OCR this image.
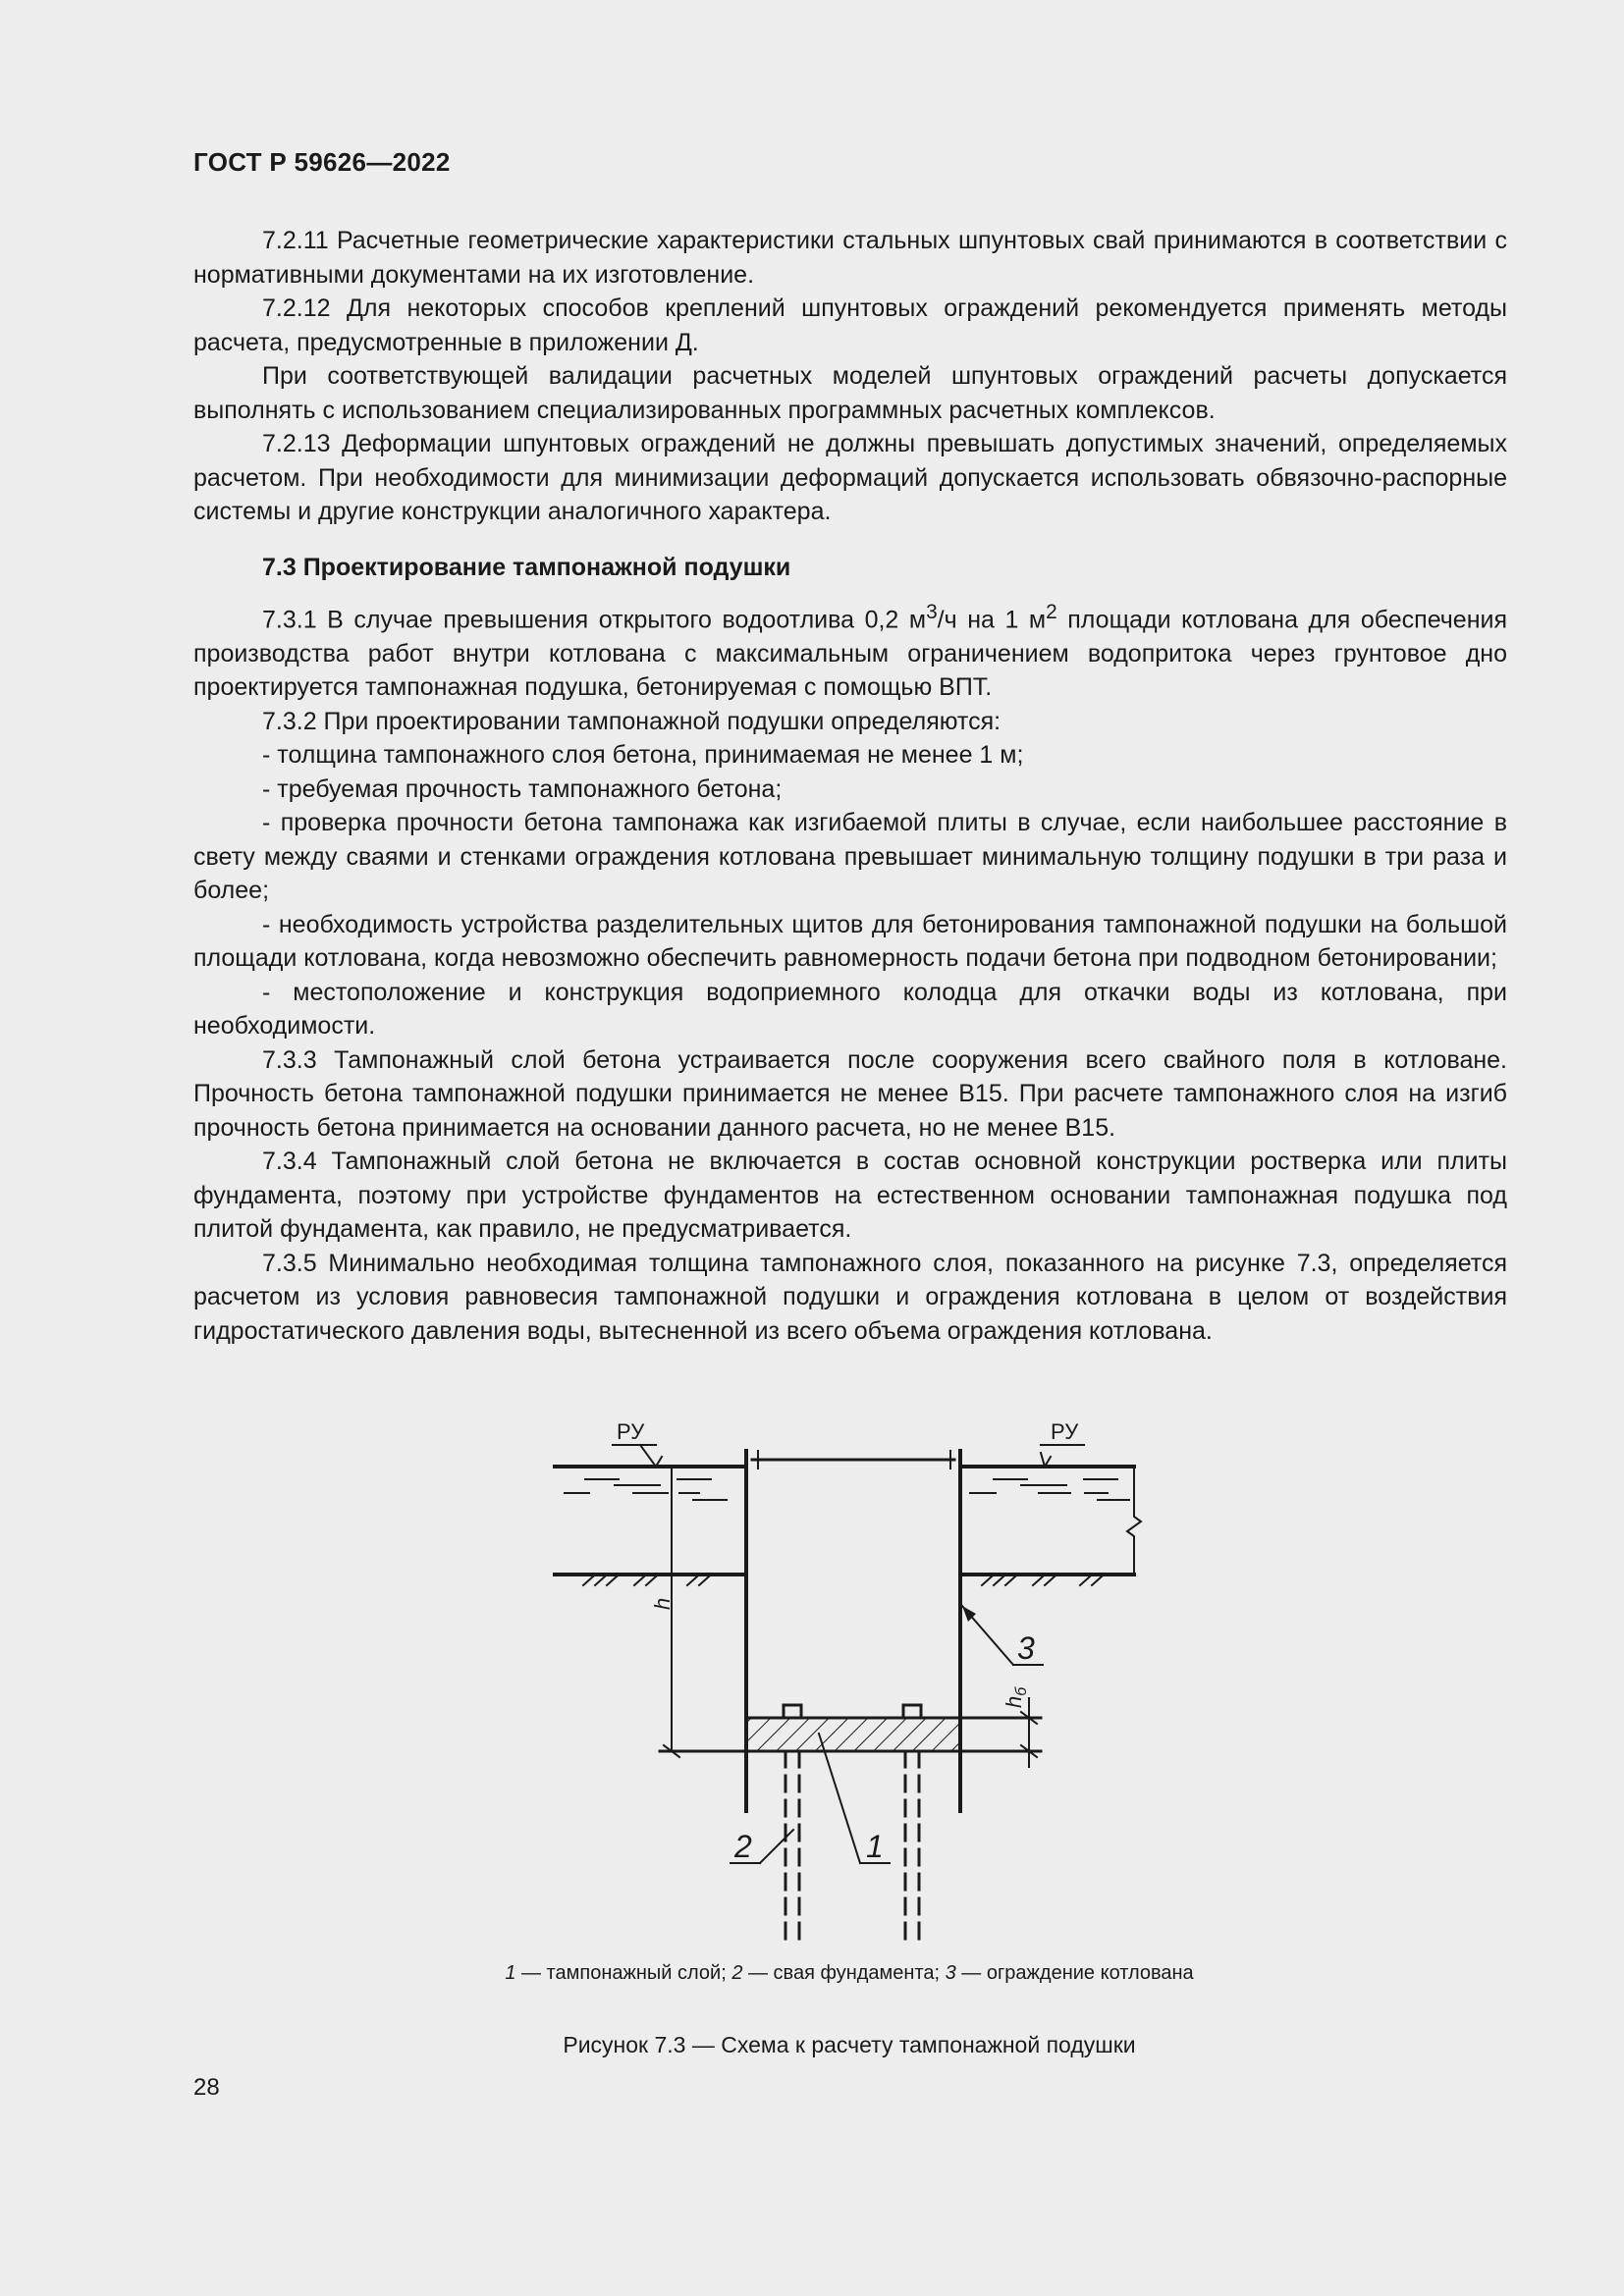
ГОСТ Р 59626—2022

7.2.11 Расчетные геометрические характеристики стальных шпунтовых свай принимаются в соответствии с нормативными документами на их изготовление.

7.2.12 Для некоторых способов креплений шпунтовых ограждений рекомендуется применять методы расчета, предусмотренные в приложении Д.

При соответствующей валидации расчетных моделей шпунтовых ограждений расчеты допускается выполнять с использованием специализированных программных расчетных комплексов.

7.2.13 Деформации шпунтовых ограждений не должны превышать допустимых значений, определяемых расчетом. При необходимости для минимизации деформаций допускается использовать обвязочно-распорные системы и другие конструкции аналогичного характера.

7.3 Проектирование тампонажной подушки

7.3.1 В случае превышения открытого водоотлива 0,2 $м^3/ч$ на 1 $м^2$ площади котлована для обеспечения производства работ внутри котлована с максимальным ограничением водопритока через грунтовое дно проектируется тампонажная подушка, бетонируемая с помощью ВПТ.

7.3.2 При проектировании тампонажной подушки определяются:

- толщина тампонажного слоя бетона, принимаемая не менее 1 м;

- требуемая прочность тампонажного бетона;

- проверка прочности бетона тампонажа как изгибаемой плиты в случае, если наибольшее расстояние в свету между сваями и стенками ограждения котлована превышает минимальную толщину подушки в три раза и более;

- необходимость устройства разделительных щитов для бетонирования тампонажной подушки на большой площади котлована, когда невозможно обеспечить равномерность подачи бетона при подводном бетонировании;

- местоположение и конструкция водоприемного колодца для откачки воды из котлована, при необходимости.

7.3.3 Тампонажный слой бетона устраивается после сооружения всего свайного поля в котловане. Прочность бетона тампонажной подушки принимается не менее В15. При расчете тампонажного слоя на изгиб прочность бетона принимается на основании данного расчета, но не менее В15.

7.3.4 Тампонажный слой бетона не включается в состав основной конструкции ростверка или плиты фундамента, поэтому при устройстве фундаментов на естественном основании тампонажная подушка под плитой фундамента, как правило, не предусматривается.

7.3.5 Минимально необходимая толщина тампонажного слоя, показанного на рисунке 7.3, определяется расчетом из условия равновесия тампонажной подушки и ограждения котлована в целом от воздействия гидростатического давления воды, вытесненной из всего объема ограждения котлована.

РУ	РУ
h
$h_б$
3
1
2
1 — тампонажный слой; 2 — свая фундамента; 3 — ограждение котлована
Рисунок 7.3 — Схема к расчету тампонажной подушки
28
